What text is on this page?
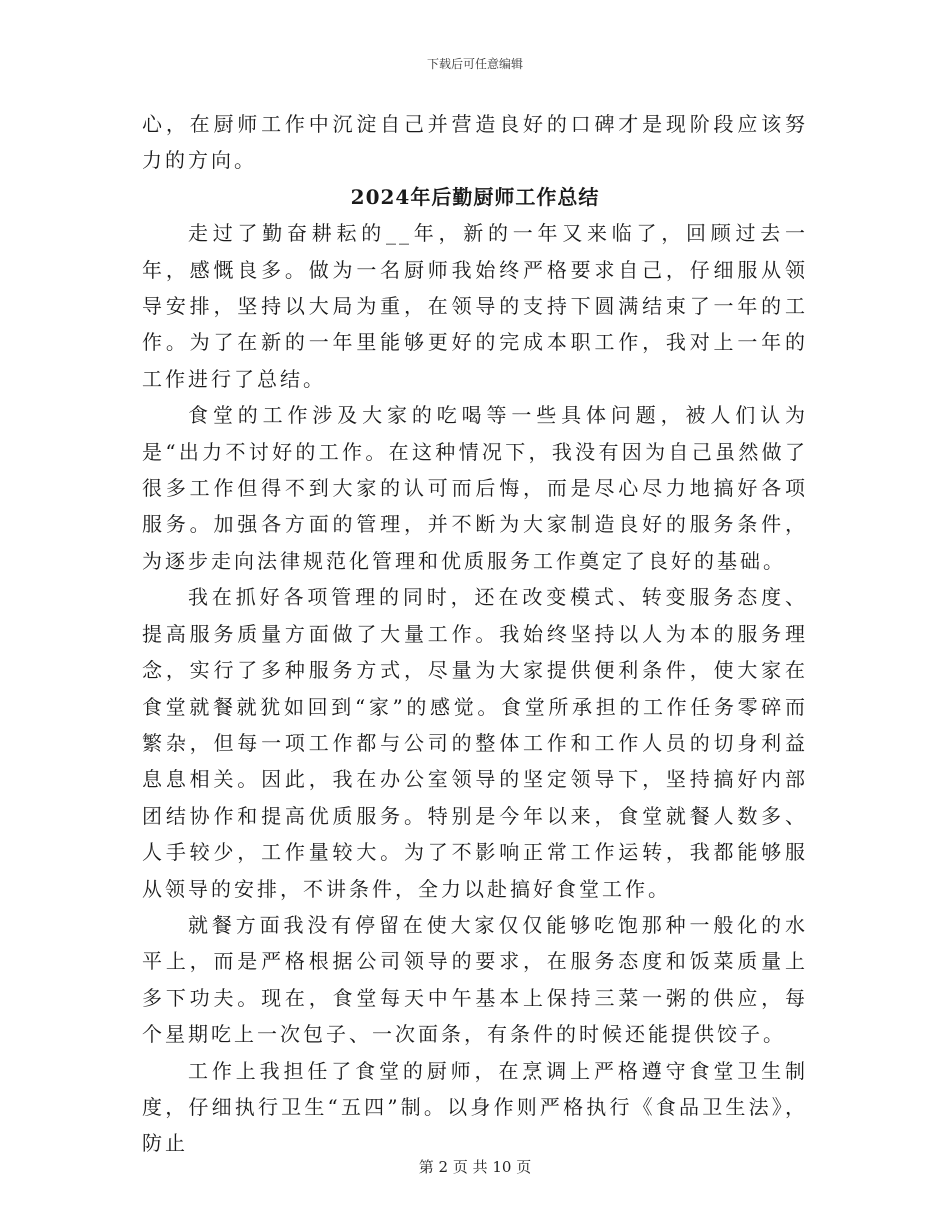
下载后可任意编辑

心，在厨师工作中沉淀自己并营造良好的口碑才是现阶段应该努力的方向。

2024年后勤厨师工作总结

走过了勤奋耕耘的__年，新的一年又来临了，回顾过去一年，感慨良多。做为一名厨师我始终严格要求自己，仔细服从领导安排，坚持以大局为重，在领导的支持下圆满结束了一年的工作。为了在新的一年里能够更好的完成本职工作，我对上一年的工作进行了总结。

食堂的工作涉及大家的吃喝等一些具体问题，被人们认为是“出力不讨好的工作。在这种情况下，我没有因为自己虽然做了很多工作但得不到大家的认可而后悔，而是尽心尽力地搞好各项服务。加强各方面的管理，并不断为大家制造良好的服务条件，为逐步走向法律规范化管理和优质服务工作奠定了良好的基础。

我在抓好各项管理的同时，还在改变模式、转变服务态度、提高服务质量方面做了大量工作。我始终坚持以人为本的服务理念，实行了多种服务方式，尽量为大家提供便利条件，使大家在食堂就餐就犹如回到“家”的感觉。食堂所承担的工作任务零碎而繁杂，但每一项工作都与公司的整体工作和工作人员的切身利益息息相关。因此，我在办公室领导的坚定领导下，坚持搞好内部团结协作和提高优质服务。特别是今年以来，食堂就餐人数多、人手较少，工作量较大。为了不影响正常工作运转，我都能够服从领导的安排，不讲条件，全力以赴搞好食堂工作。

就餐方面我没有停留在使大家仅仅能够吃饱那种一般化的水平上，而是严格根据公司领导的要求，在服务态度和饭菜质量上多下功夫。现在，食堂每天中午基本上保持三菜一粥的供应，每个星期吃上一次包子、一次面条，有条件的时候还能提供饺子。

工作上我担任了食堂的厨师，在烹调上严格遵守食堂卫生制度，仔细执行卫生“五四”制。以身作则严格执行《食品卫生法》，防止

第 2 页 共 10 页
